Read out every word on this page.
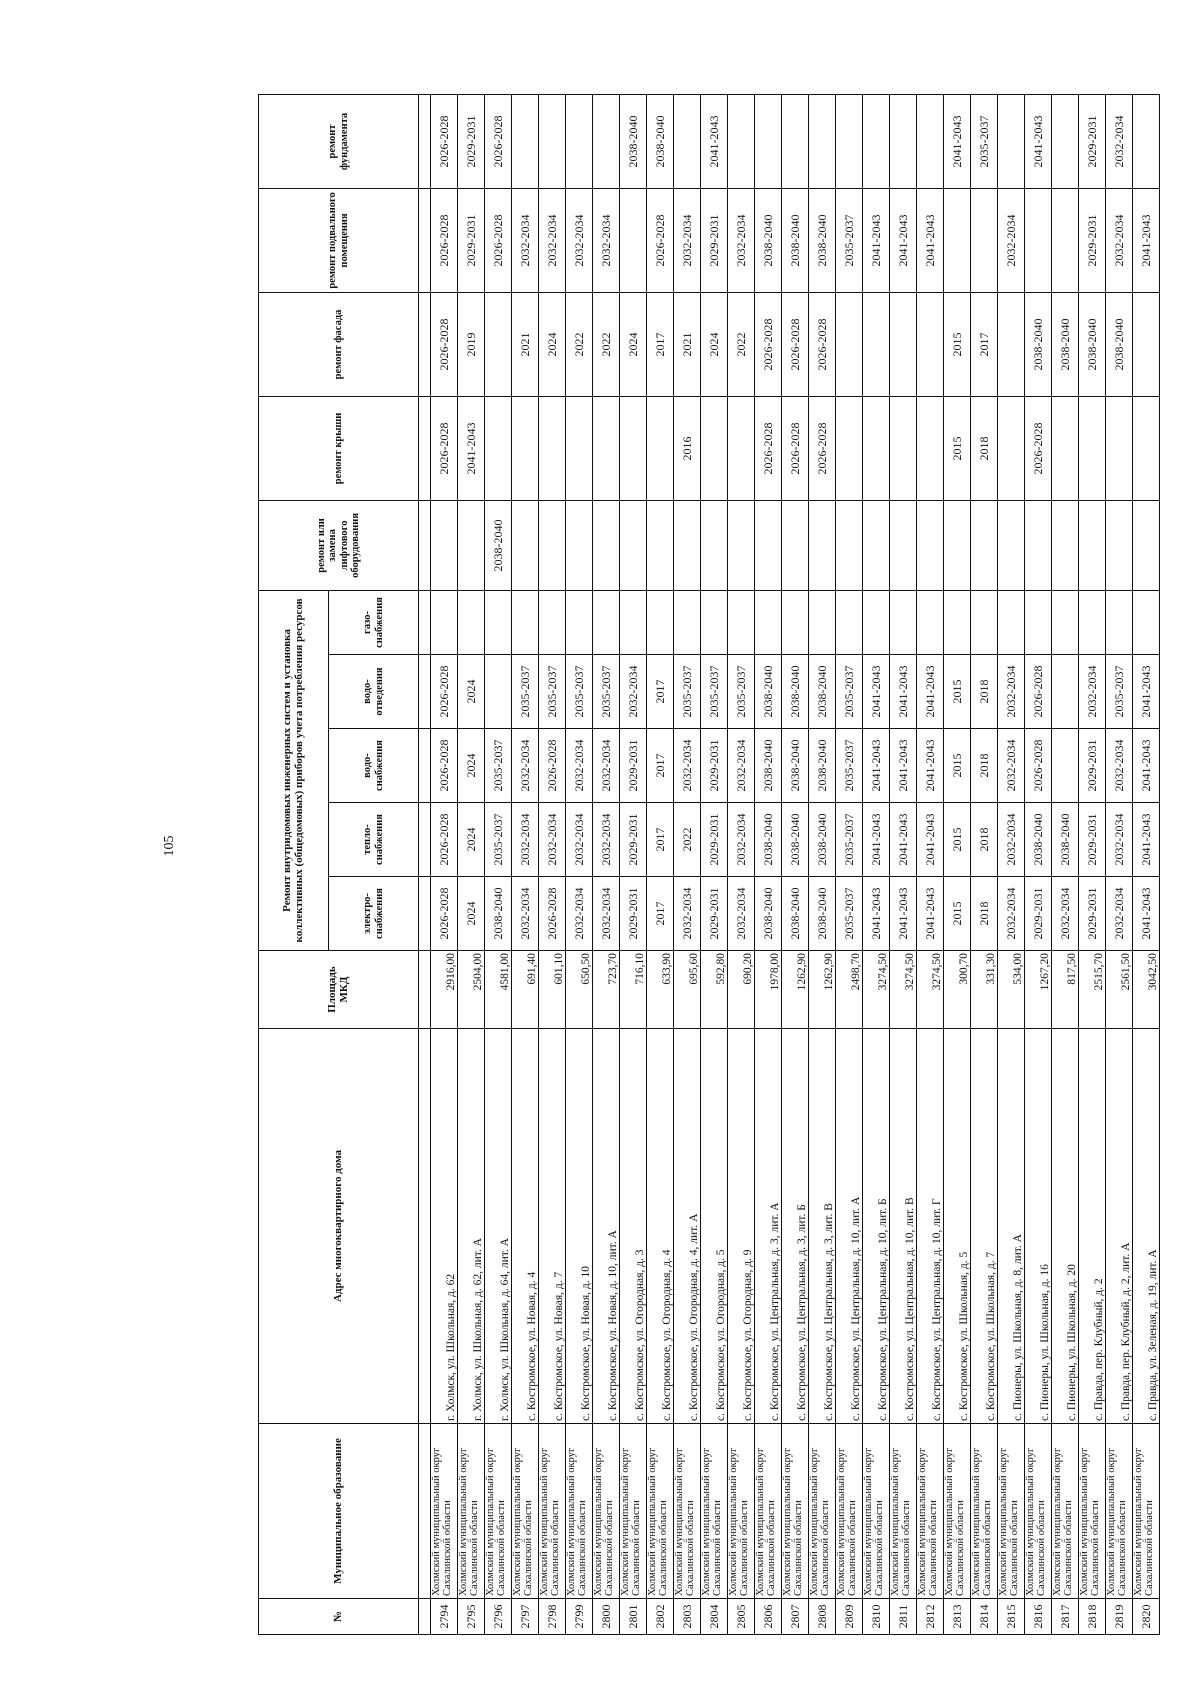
105
№	Муниципальное образование	Адрес многоквартирного дома	Площадь МКД	Ремонт внутридомовых инженерных систем и установка коллективных (общедомовых) приборов учета потребления ресурсов					ремонт или замена лифтового оборудования	ремонт крыши	ремонт фасада	ремонт подвального помещения	ремонт фундамента
				электро-снабжения	тепло-снабжения	водо-снабжения	водо-отведения	газо-снабжения					

2794	Холмский муниципальный округ Сахалинской области	г. Холмск, ул. Школьная, д. 62	2916,00	2026-2028	2026-2028	2026-2028	2026-2028			2026-2028	2026-2028	2026-2028	2026-2028
2795	Холмский муниципальный округ Сахалинской области	г. Холмск, ул. Школьная, д. 62, лит. А	2504,00	2024	2024	2024	2024			2041-2043	2019	2029-2031	2029-2031
2796	Холмский муниципальный округ Сахалинской области	г. Холмск, ул. Школьная, д. 64, лит. А	4581,00	2038-2040	2035-2037	2035-2037			2038-2040			2026-2028	2026-2028
2797	Холмский муниципальный округ Сахалинской области	с. Костромское, ул. Новая, д. 4	691,40	2032-2034	2032-2034	2032-2034	2035-2037				2021	2032-2034	
2798	Холмский муниципальный округ Сахалинской области	с. Костромское, ул. Новая, д. 7	601,10	2026-2028	2032-2034	2026-2028	2035-2037				2024	2032-2034	
2799	Холмский муниципальный округ Сахалинской области	с. Костромское, ул. Новая, д. 10	650,50	2032-2034	2032-2034	2032-2034	2035-2037				2022	2032-2034	
2800	Холмский муниципальный округ Сахалинской области	с. Костромское, ул. Новая, д. 10, лит. А	723,70	2032-2034	2032-2034	2032-2034	2035-2037				2022	2032-2034	
2801	Холмский муниципальный округ Сахалинской области	с. Костромское, ул. Огородная, д. 3	716,10	2029-2031	2029-2031	2029-2031	2032-2034				2024		2038-2040
2802	Холмский муниципальный округ Сахалинской области	с. Костромское, ул. Огородная, д. 4	633,90	2017	2017	2017	2017				2017	2026-2028	2038-2040
2803	Холмский муниципальный округ Сахалинской области	с. Костромское, ул. Огородная, д. 4, лит. А	695,60	2032-2034	2022	2032-2034	2035-2037			2016	2021	2032-2034	
2804	Холмский муниципальный округ Сахалинской области	с. Костромское, ул. Огородная, д. 5	592,80	2029-2031	2029-2031	2029-2031	2035-2037				2024	2029-2031	2041-2043
2805	Холмский муниципальный округ Сахалинской области	с. Костромское, ул. Огородная, д. 9	690,20	2032-2034	2032-2034	2032-2034	2035-2037				2022	2032-2034	
2806	Холмский муниципальный округ Сахалинской области	с. Костромское, ул. Центральная, д. 3, лит. А	1978,00	2038-2040	2038-2040	2038-2040	2038-2040			2026-2028	2026-2028	2038-2040	
2807	Холмский муниципальный округ Сахалинской области	с. Костромское, ул. Центральная, д. 3, лит. Б	1262,90	2038-2040	2038-2040	2038-2040	2038-2040			2026-2028	2026-2028	2038-2040	
2808	Холмский муниципальный округ Сахалинской области	с. Костромское, ул. Центральная, д. 3, лит. В	1262,90	2038-2040	2038-2040	2038-2040	2038-2040			2026-2028	2026-2028	2038-2040	
2809	Холмский муниципальный округ Сахалинской области	с. Костромское, ул. Центральная, д. 10, лит. А	2498,70	2035-2037	2035-2037	2035-2037	2035-2037					2035-2037	
2810	Холмский муниципальный округ Сахалинской области	с. Костромское, ул. Центральная, д. 10, лит. Б	3274,50	2041-2043	2041-2043	2041-2043	2041-2043					2041-2043	
2811	Холмский муниципальный округ Сахалинской области	с. Костромское, ул. Центральная, д. 10, лит. В	3274,50	2041-2043	2041-2043	2041-2043	2041-2043					2041-2043	
2812	Холмский муниципальный округ Сахалинской области	с. Костромское, ул. Центральная, д. 10, лит. Г	3274,50	2041-2043	2041-2043	2041-2043	2041-2043					2041-2043	
2813	Холмский муниципальный округ Сахалинской области	с. Костромское, ул. Школьная, д. 5	300,70	2015	2015	2015	2015			2015	2015		2041-2043
2814	Холмский муниципальный округ Сахалинской области	с. Костромское, ул. Школьная, д. 7	331,30	2018	2018	2018	2018			2018	2017		2035-2037
2815	Холмский муниципальный округ Сахалинской области	с. Пионеры, ул. Школьная, д. 8, лит. А	534,00	2032-2034	2032-2034	2032-2034	2032-2034					2032-2034	
2816	Холмский муниципальный округ Сахалинской области	с. Пионеры, ул. Школьная, д. 16	1267,20	2029-2031	2038-2040	2026-2028	2026-2028			2026-2028	2038-2040		2041-2043
2817	Холмский муниципальный округ Сахалинской области	с. Пионеры, ул. Школьная, д. 20	817,50	2032-2034	2038-2040						2038-2040		
2818	Холмский муниципальный округ Сахалинской области	с. Правда, пер. Клубный, д. 2	2515,70	2029-2031	2029-2031	2029-2031	2032-2034				2038-2040	2029-2031	2029-2031
2819	Холмский муниципальный округ Сахалинской области	с. Правда, пер. Клубный, д. 2, лит. А	2561,50	2032-2034	2032-2034	2032-2034	2035-2037				2038-2040	2032-2034	2032-2034
2820	Холмский муниципальный округ Сахалинской области	с. Правда, ул. Зеленая, д. 19, лит. А	3042,50	2041-2043	2041-2043	2041-2043	2041-2043					2041-2043	
